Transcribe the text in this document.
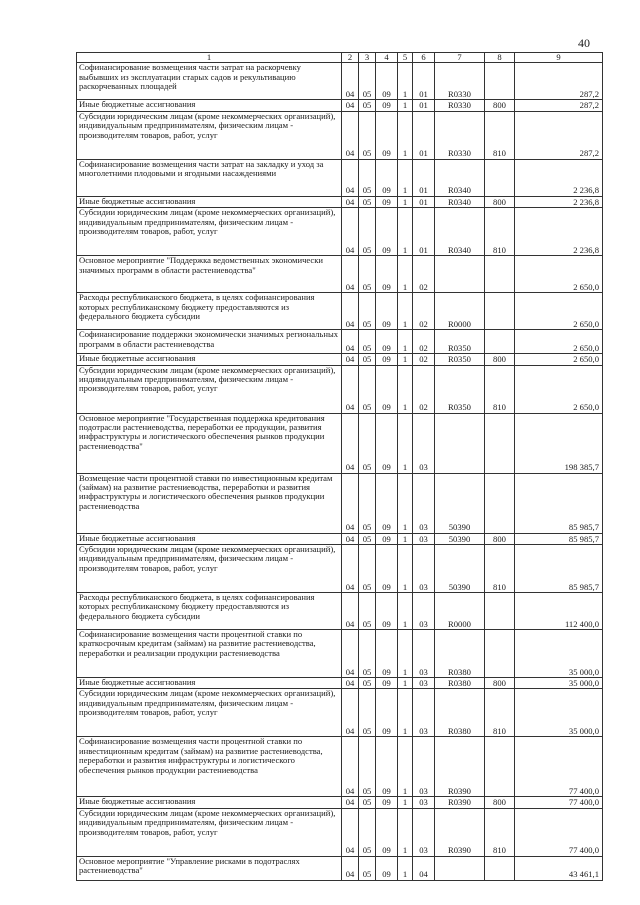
40
1	2	3	4	5	6	7	8	9
Софинансирование возмещения части затрат на раскорчевку выбывших из эксплуатации старых садов и рекультивацию раскорчеванных площадей	04	05	09	1	01	R0330		287,2
Иные бюджетные ассигнования	04	05	09	1	01	R0330	800	287,2
Субсидии юридическим лицам (кроме некоммерческих организаций), индивидуальным предпринимателям, физическим лицам - производителям товаров, работ, услуг	04	05	09	1	01	R0330	810	287,2
Софинансирование возмещения части затрат на закладку и уход за многолетними плодовыми и ягодными насаждениями	04	05	09	1	01	R0340		2 236,8
Иные бюджетные ассигнования	04	05	09	1	01	R0340	800	2 236,8
Субсидии юридическим лицам (кроме некоммерческих организаций), индивидуальным предпринимателям, физическим лицам - производителям товаров, работ, услуг	04	05	09	1	01	R0340	810	2 236,8
Основное мероприятие "Поддержка ведомственных экономически значимых программ в области растениеводства"	04	05	09	1	02			2 650,0
Расходы республиканского бюджета, в целях софинансирования которых республиканскому бюджету предоставляются из федерального бюджета субсидии	04	05	09	1	02	R0000		2 650,0
Софинансирование поддержки экономически значимых региональных программ в области растениеводства	04	05	09	1	02	R0350		2 650,0
Иные бюджетные ассигнования	04	05	09	1	02	R0350	800	2 650,0
Субсидии юридическим лицам (кроме некоммерческих организаций), индивидуальным предпринимателям, физическим лицам - производителям товаров, работ, услуг	04	05	09	1	02	R0350	810	2 650,0
Основное мероприятие "Государственная поддержка кредитования подотрасли растениеводства, переработки ее продукции, развития инфраструктуры и логистического обеспечения рынков продукции растениеводства"	04	05	09	1	03			198 385,7
Возмещение части процентной ставки по инвестиционным кредитам (займам) на развитие растениеводства, переработки и развития инфраструктуры и логистического обеспечения рынков продукции растениеводства	04	05	09	1	03	50390		85 985,7
Иные бюджетные ассигнования	04	05	09	1	03	50390	800	85 985,7
Субсидии юридическим лицам (кроме некоммерческих организаций), индивидуальным предпринимателям, физическим лицам - производителям товаров, работ, услуг	04	05	09	1	03	50390	810	85 985,7
Расходы республиканского бюджета, в целях софинансирования которых республиканскому бюджету предоставляются из федерального бюджета субсидии	04	05	09	1	03	R0000		112 400,0
Софинансирование возмещения части процентной ставки по краткосрочным кредитам (займам) на развитие растениеводства, переработки и реализации продукции растениеводства	04	05	09	1	03	R0380		35 000,0
Иные бюджетные ассигнования	04	05	09	1	03	R0380	800	35 000,0
Субсидии юридическим лицам (кроме некоммерческих организаций), индивидуальным предпринимателям, физическим лицам - производителям товаров, работ, услуг	04	05	09	1	03	R0380	810	35 000,0
Софинансирование возмещения части процентной ставки по инвестиционным кредитам (займам) на развитие растениеводства, переработки и развития инфраструктуры и логистического обеспечения рынков продукции растениеводства	04	05	09	1	03	R0390		77 400,0
Иные бюджетные ассигнования	04	05	09	1	03	R0390	800	77 400,0
Субсидии юридическим лицам (кроме некоммерческих организаций), индивидуальным предпринимателям, физическим лицам - производителям товаров, работ, услуг	04	05	09	1	03	R0390	810	77 400,0
Основное мероприятие "Управление рисками в подотраслях растениеводства"	04	05	09	1	04			43 461,1
